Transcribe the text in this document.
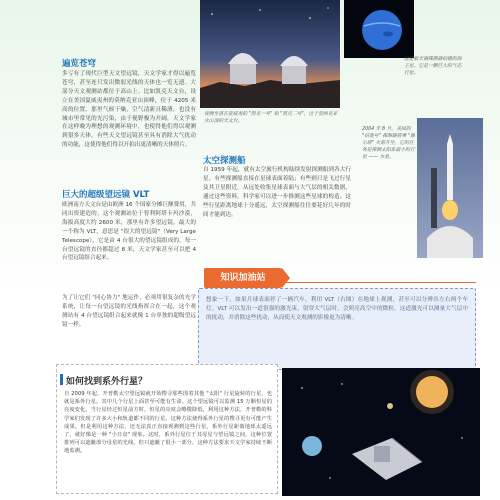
夜晚坐落在夏威夷的 "凯克一号" 和 "凯克二号"，位于莫纳克亚火山顶的天文台。
这是航天器探测器拍摄的海王星。它是一颗巨大的气态行星。
2004 年 8 月，美国的 "信使号" 探测器搭乘 "德尔塔" 火箭升空，它的任务是探测太阳系最小的行星 —— 水星。
遍览苍穹
多亏有了现代巨型天文望远镜，天文学家才得以遍览苍穹，甚至连只发出微弱光线的天体也一览无遗。大部分天文观测站都位于高山上。比如凯克天文台，设立在美国夏威夷州的莫纳克亚山顶峰，位于 4205 米高的位置。那里气候干燥，空气清新且稀薄，也没有城市里常见的光污染，由于视野极为开阔，天文学家在这样晚为理想的观测环境中，也使得他们得以观测到很多天体。有些天文望远镜甚至具有消除大气扰动的功能，这使得他们得以开拍出更清晰的天体照片。
巨大的超级望远镜 VLT
欧洲南方天文台是由欧洲 16 个国家分摊巨额费用，共同出资建造的。这个观测站位于智利阿塔卡玛沙漠，海拔高度大约 2600 米，那里有许多望远镜。最大的一个称为 VLT，意思是 "很大的望远镜"（Very Large Telescope），它是由 4 台很大的望远镜组成的，每一台望远镜的直径都超过 8 米，天文学家甚至可以把 4 台望远镜组合起来。
为了让它们 "同心协力" 地运作，必须用很复杂的光学系统，让每一台望远镜的光线指挥合在一起，这个观测站有 4 台望远镜组合起来就像 1 台单独的超级望远镜一样。
太空探测船
自 1959 年起，就有太空旅行机构陆续发射探测船到各大行星。有些探测船直接在星球表面着陆；有些则只是飞过行星及其卫星附近，从远处收集星球表面与大气层的相关数据，通过这些资料，科学家可以进一步推测这些星球的构造。这些行星距离地球十分遥远，太空探测船往往要花好几年的时间才能到达。
知识加油站
想象一下，如果月球表面停了一辆汽车，利用 VLT（右图）在地球上观测，甚至可以分辨出左右两个车灯。VLT 可以发出一道很强的激光束，射穿大气层时，会照亮高空中的微粒，这道激光可以测量大气层中的扰动，并消除这些扰动，从而使天文观测的影像更为清晰。
如何找到系外行星？
自 2009 年起，开普勒太空望远镜就开始搜寻那些围着其他 "太阳" 行星旋转的行星，也就是系外行星。其中几个行星上面甚至可能有生命。这个望远镜可以监测 15 万颗恒星的亮度变化，当行星经过恒星前方时，恒星的亮度会略微降低，利用这种方法，开普勒的科学家们发现了许多大小和轨道都不同的行星。这种方法使得系外行星的搜寻更有可能产生成果，但是利用这种方法，还无法真正直接观测到这些行星，系外行星距离地球太遥远了，就好像是一种 "小日食" 现象。这时，系外行星位于其母星与望远镜之间，这种位置排列可以遮蔽部分母星的光线，但只遮蔽了很小一部分，这种方法要求天文学家持续不断地监测。
